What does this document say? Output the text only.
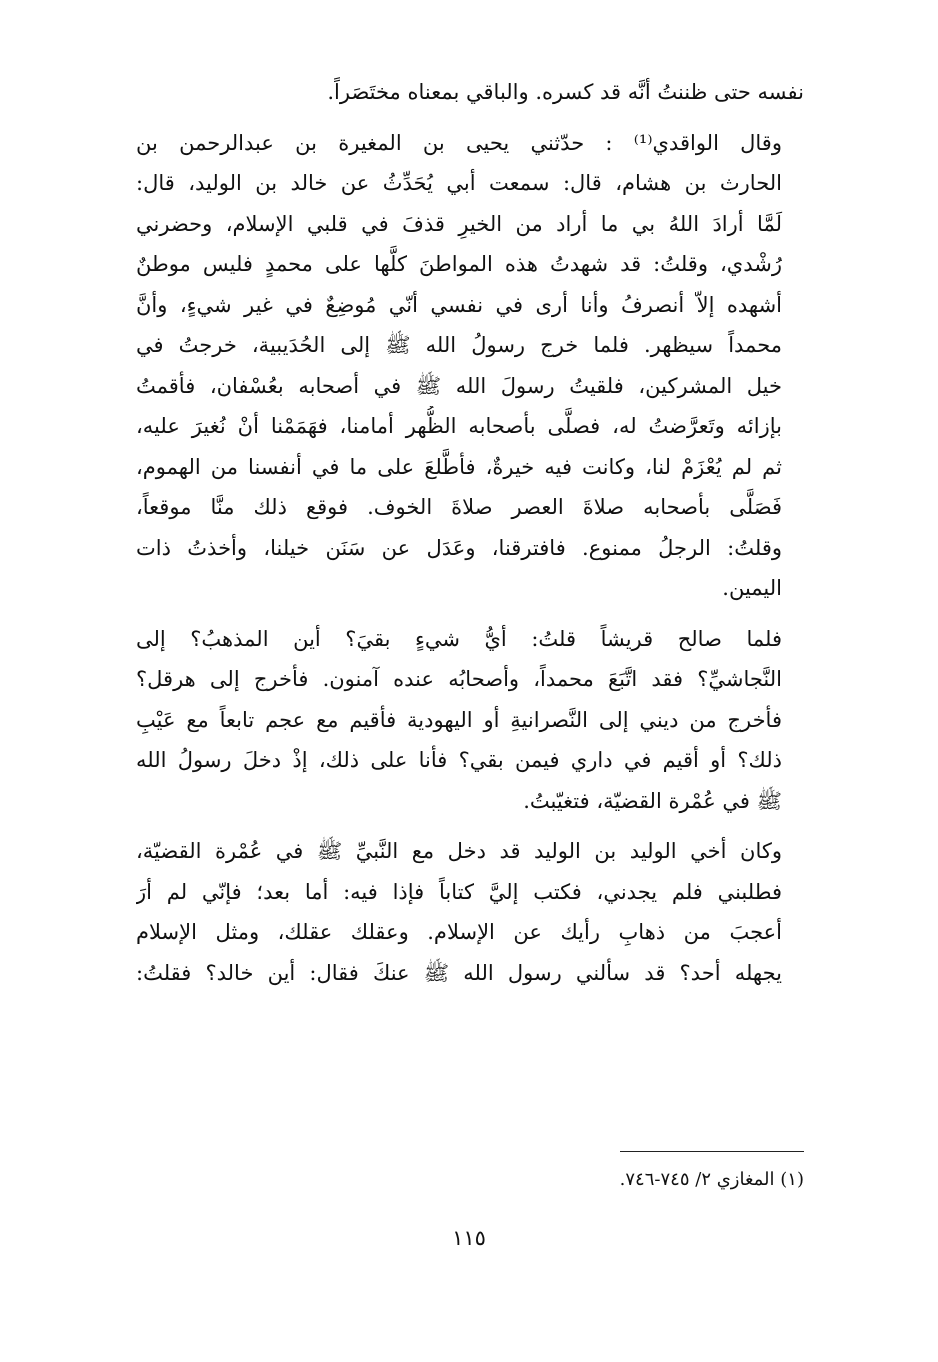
نفسه حتى ظننتُ أنَّه قد كسره. والباقي بمعناه مختَصَراً.

وقال الواقدي⁽¹⁾ : حدّثني يحيى بن المغيرة بن عبدالرحمن بن
الحارث بن هشام، قال: سمعت أبي يُحَدِّثُ عن خالد بن الوليد، قال:
لَمَّا أرادَ اللهُ بي ما أراد من الخيرِ قذفَ في قلبي الإسلام، وحضرني
رُشْدي، وقلتُ: قد شهدتُ هذه المواطنَ كلَّها على محمدٍ فليس موطنٌ
أشهده إلاّ أنصرفُ وأنا أرى في نفسي أنّي مُوضِعٌ في غير شيءٍ، وأنَّ
محمداً سيظهر. فلما خرج رسولُ الله ﷺ إلى الحُدَيبية، خرجتُ في
خيل المشركين، فلقيتُ رسولَ الله ﷺ في أصحابه بعُسْفان، فأقمتُ
بإزائه وتَعرَّضتُ له، فصلَّى بأصحابه الظُّهر أمامنا، فهَمَمْنا أنْ نُغيرَ عليه،
ثم لم يُعْزَمْ لنا، وكانت فيه خيرةٌ، فأطَّلعَ على ما في أنفسنا من الهموم،
فَصَلَّى بأصحابه صلاةَ العصر صلاةَ الخوف. فوقع ذلك منَّا موقعاً،
وقلتُ: الرجلُ ممنوع. فافترقنا، وعَدَل عن سَنَن خيلنا، وأخذتُ ذات
اليمين.

فلما صالح قريشاً قلتُ: أيُّ شيءٍ بقيَ؟ أين المذهبُ؟ إلى
النَّجاشيِّ؟ فقد اتَّبَعَ محمداً، وأصحابُه عنده آمنون. فأخرج إلى هرقل؟
فأخرج من ديني إلى النَّصرانيةِ أو اليهودية فأقيم مع عجم تابعاً مع عَيْبِ
ذلك؟ أو أقيم في داري فيمن بقي؟ فأنا على ذلك، إذْ دخلَ رسولُ الله
ﷺ في عُمْرة القضيّة، فتغيّبتُ.

وكان أخي الوليد بن الوليد قد دخل مع النَّبيِّ ﷺ في عُمْرة القضيّة،
فطلبني فلم يجدني، فكتب إليَّ كتاباً فإذا فيه: أما بعد؛ فإنّي لم أرَ
أعجبَ من ذهابِ رأيك عن الإسلام. وعقلك عقلك، ومثل الإسلام
يجهله أحد؟ قد سألني رسول الله ﷺ عنكَ فقال: أين خالد؟ فقلتُ:

(١) المغازي ٢/ ٧٤٥-٧٤٦.
١١٥
